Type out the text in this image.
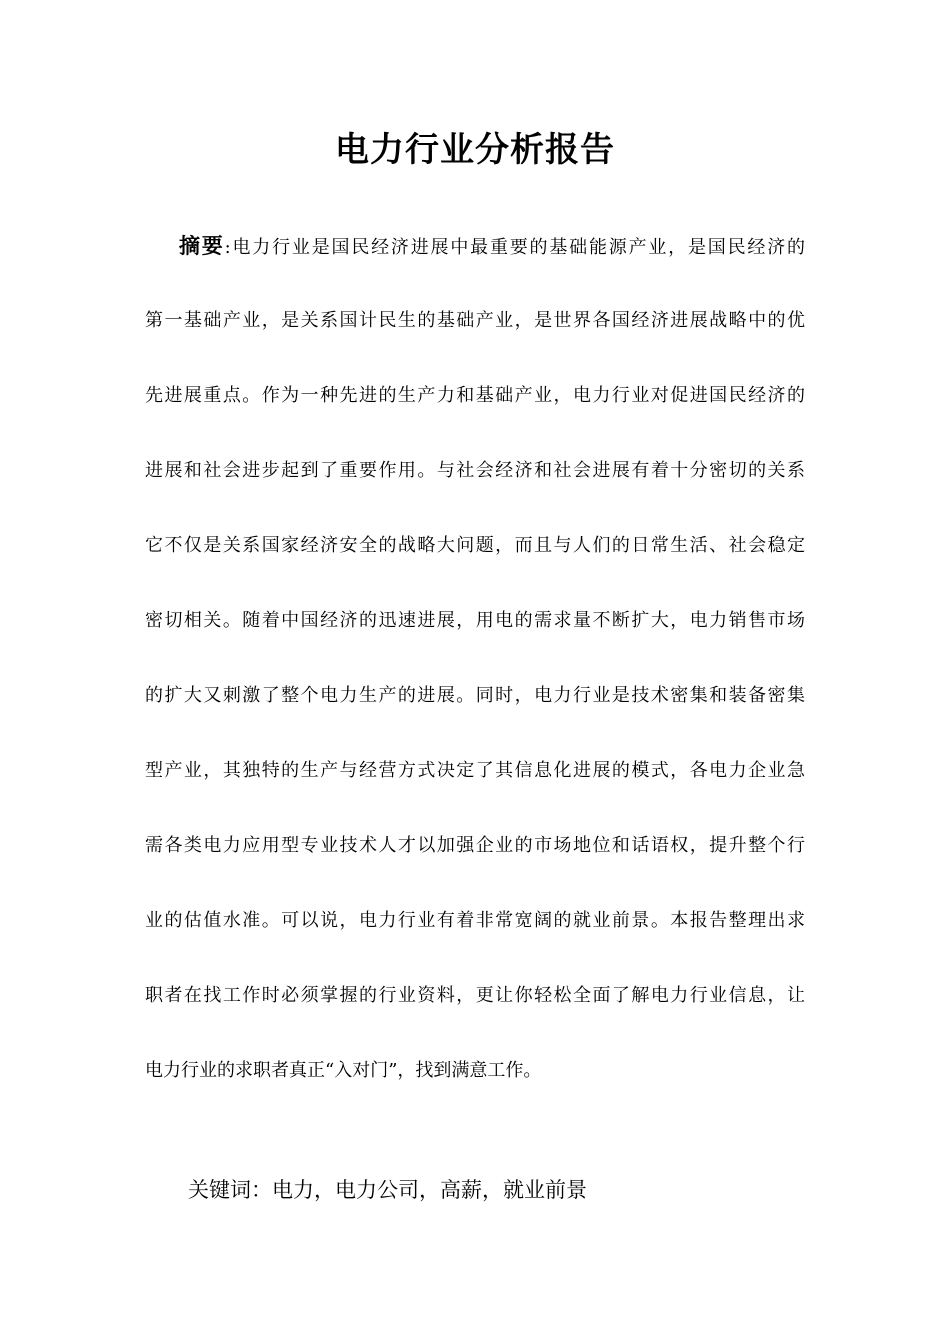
电力行业分析报告
摘要:电力行业是国民经济进展中最重要的基础能源产业，是国民经济的
第一基础产业，是关系国计民生的基础产业，是世界各国经济进展战略中的优
先进展重点。作为一种先进的生产力和基础产业，电力行业对促进国民经济的
进展和社会进步起到了重要作用。与社会经济和社会进展有着十分密切的关系
它不仅是关系国家经济安全的战略大问题，而且与人们的日常生活、社会稳定
密切相关。随着中国经济的迅速进展，用电的需求量不断扩大，电力销售市场
的扩大又刺激了整个电力生产的进展。同时，电力行业是技术密集和装备密集
型产业，其独特的生产与经营方式决定了其信息化进展的模式，各电力企业急
需各类电力应用型专业技术人才以加强企业的市场地位和话语权，提升整个行
业的估值水准。可以说，电力行业有着非常宽阔的就业前景。本报告整理出求
职者在找工作时必须掌握的行业资料，更让你轻松全面了解电力行业信息，让
电力行业的求职者真正“入对门”，找到满意工作。
关键词：电力，电力公司，高薪，就业前景
